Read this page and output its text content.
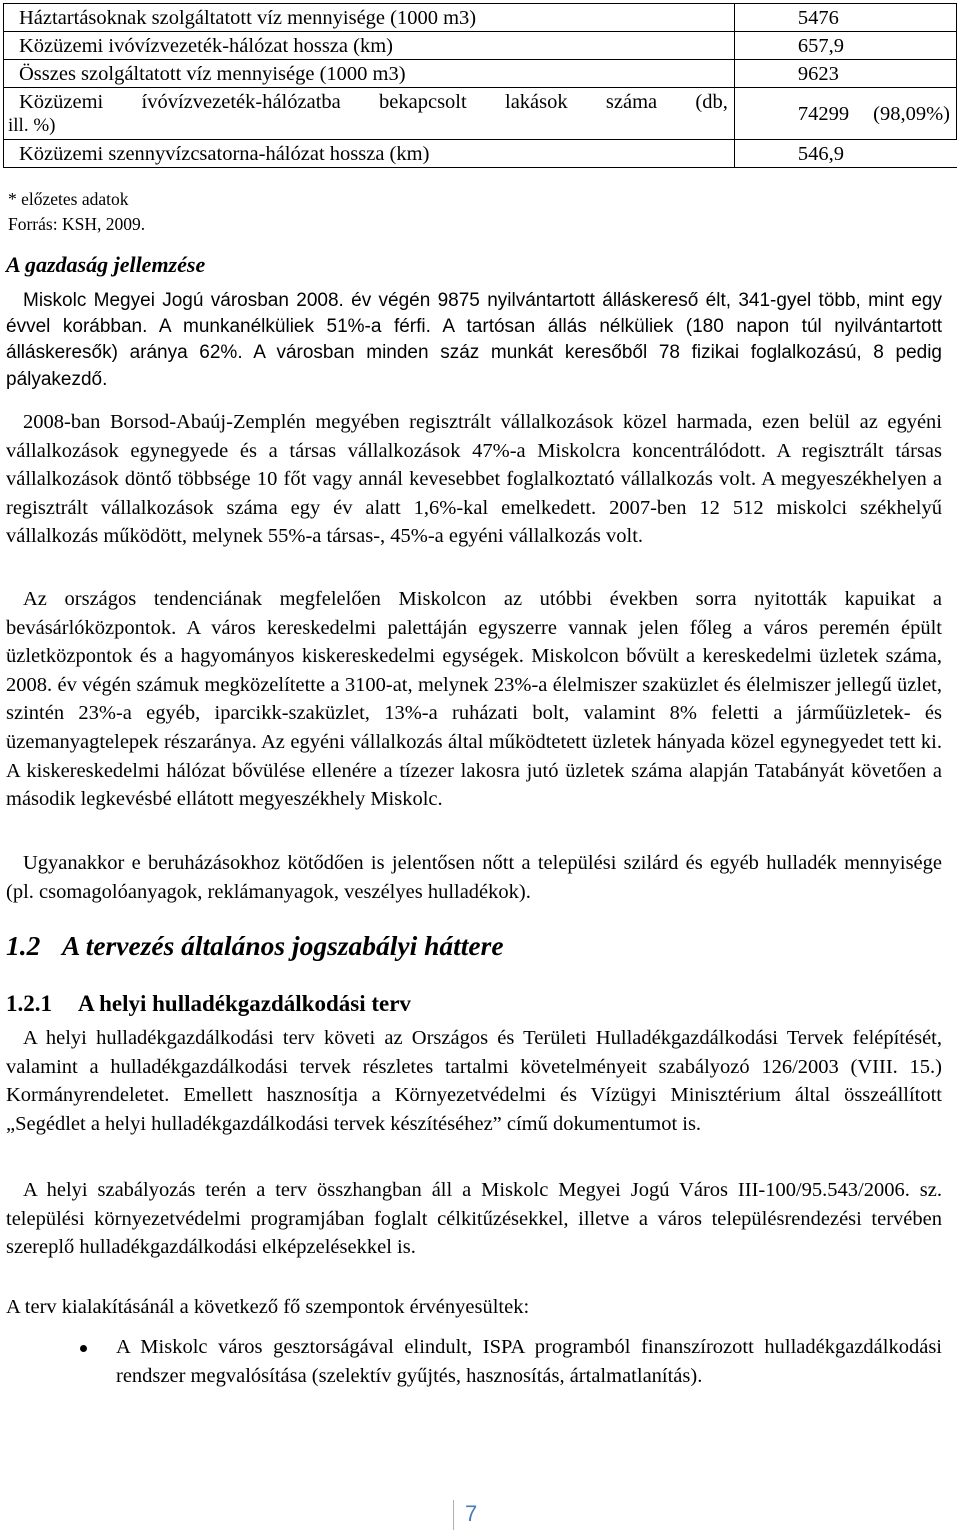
Háztartásoknak szolgáltatott víz mennyisége (1000 m3)	5476
Közüzemi ivóvízvezeték-hálózat hossza (km)	657,9
Összes szolgáltatott víz mennyisége (1000 m3)	9623

Közüzemi ívóvízvezeték-hálózatba bekapcsolt lakások száma (db,
ill. %)	74299 (98,09%)
Közüzemi szennyvízcsatorna-hálózat hossza (km)	546,9
* előzetes adatok
Forrás: KSH, 2009.
A gazdaság jellemzése
Miskolc Megyei Jogú városban 2008. év végén 9875 nyilvántartott álláskereső élt, 341-gyel több, mint egy évvel korábban. A munkanélküliek 51%-a férfi. A tartósan állás nélküliek (180 napon túl nyilvántartott álláskeresők) aránya 62%. A városban minden száz munkát keresőből 78 fizikai foglalkozású, 8 pedig pályakezdő.
2008-ban Borsod-Abaúj-Zemplén megyében regisztrált vállalkozások közel harmada, ezen belül az egyéni vállalkozások egynegyede és a társas vállalkozások 47%-a Miskolcra koncentrálódott. A regisztrált társas vállalkozások döntő többsége 10 főt vagy annál kevesebbet foglalkoztató vállalkozás volt. A megyeszékhelyen a regisztrált vállalkozások száma egy év alatt 1,6%-kal emelkedett. 2007-ben 12 512 miskolci székhelyű vállalkozás működött, melynek 55%-a társas-, 45%-a egyéni vállalkozás volt.
Az országos tendenciának megfelelően Miskolcon az utóbbi években sorra nyitották kapuikat a bevásárlóközpontok. A város kereskedelmi palettáján egyszerre vannak jelen főleg a város peremén épült üzletközpontok és a hagyományos kiskereskedelmi egységek. Miskolcon bővült a kereskedelmi üzletek száma, 2008. év végén számuk megközelítette a 3100-at, melynek 23%-a élelmiszer szaküzlet és élelmiszer jellegű üzlet, szintén 23%-a egyéb, iparcikk-szaküzlet, 13%-a ruházati bolt, valamint 8% feletti a járműüzletek- és üzemanyagtelepek részaránya. Az egyéni vállalkozás által működtetett üzletek hányada közel egynegyedet tett ki. A kiskereskedelmi hálózat bővülése ellenére a tízezer lakosra jutó üzletek száma alapján Tatabányát követően a második legkevésbé ellátott megyeszékhely Miskolc.
Ugyanakkor e beruházásokhoz kötődően is jelentősen nőtt a települési szilárd és egyéb hulladék mennyisége (pl. csomagolóanyagok, reklámanyagok, veszélyes hulladékok).
1.2 A tervezés általános jogszabályi háttere
1.2.1 A helyi hulladékgazdálkodási terv
A helyi hulladékgazdálkodási terv követi az Országos és Területi Hulladékgazdálkodási Tervek felépítését, valamint a hulladékgazdálkodási tervek részletes tartalmi követelményeit szabályozó 126/2003 (VIII. 15.) Kormányrendeletet. Emellett hasznosítja a Környezetvédelmi és Vízügyi Minisztérium által összeállított „Segédlet a helyi hulladékgazdálkodási tervek készítéséhez” című dokumentumot is.
A helyi szabályozás terén a terv összhangban áll a Miskolc Megyei Jogú Város III-100/95.543/2006. sz. települési környezetvédelmi programjában foglalt célkitűzésekkel, illetve a város településrendezési tervében szereplő hulladékgazdálkodási elképzelésekkel is.
A terv kialakításánál a következő fő szempontok érvényesültek:
A Miskolc város gesztorságával elindult, ISPA programból finanszírozott hulladékgazdálkodási rendszer megvalósítása (szelektív gyűjtés, hasznosítás, ártalmatlanítás).
7
